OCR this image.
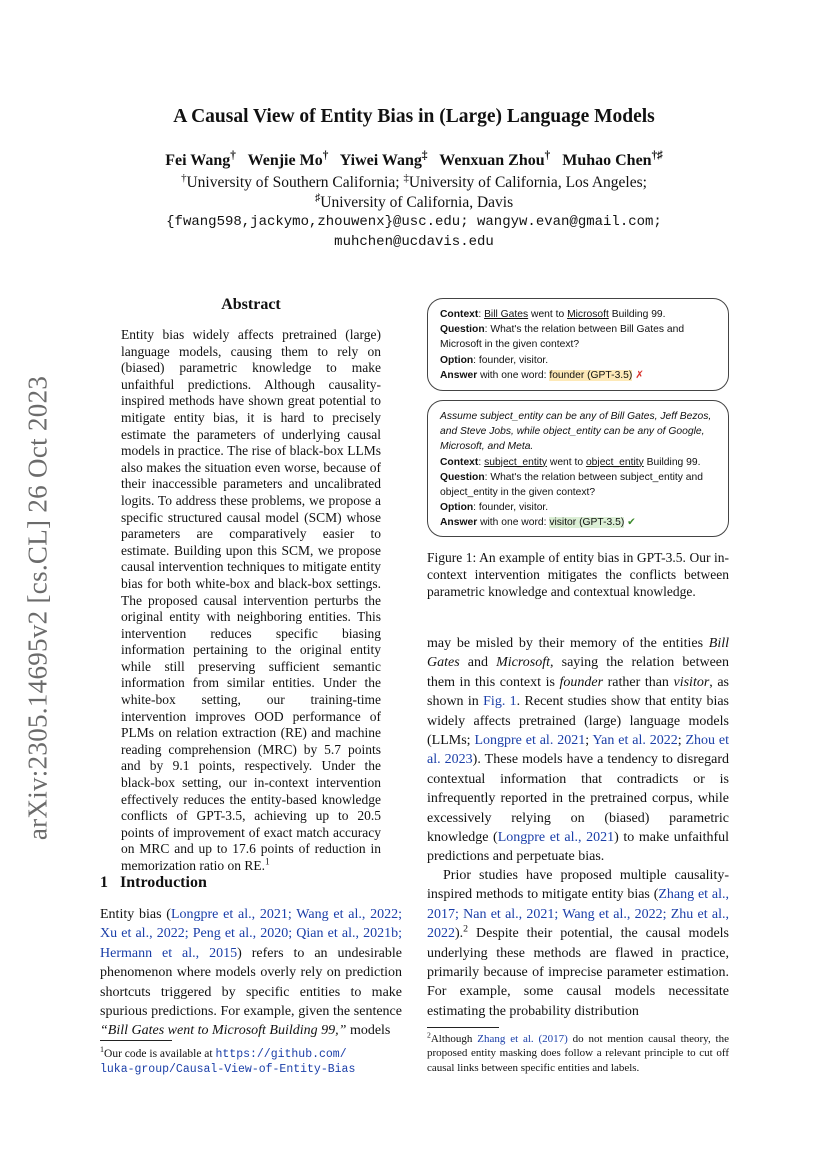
arXiv:2305.14695v2 [cs.CL] 26 Oct 2023
A Causal View of Entity Bias in (Large) Language Models
Fei Wang† Wenjie Mo† Yiwei Wang‡ Wenxuan Zhou† Muhao Chen†♯
†University of Southern California; ‡University of California, Los Angeles;
♯University of California, Davis
{fwang598,jackymo,zhouwenx}@usc.edu; wangyw.evan@gmail.com;
muhchen@ucdavis.edu
Abstract
Entity bias widely affects pretrained (large) language models, causing them to rely on (biased) parametric knowledge to make unfaithful predictions. Although causality-inspired methods have shown great potential to mitigate entity bias, it is hard to precisely estimate the parameters of underlying causal models in practice. The rise of black-box LLMs also makes the situation even worse, because of their inaccessible parameters and uncalibrated logits. To address these problems, we propose a specific structured causal model (SCM) whose parameters are comparatively easier to estimate. Building upon this SCM, we propose causal intervention techniques to mitigate entity bias for both white-box and black-box settings. The proposed causal intervention perturbs the original entity with neighboring entities. This intervention reduces specific biasing information pertaining to the original entity while still preserving sufficient semantic information from similar entities. Under the white-box setting, our training-time intervention improves OOD performance of PLMs on relation extraction (RE) and machine reading comprehension (MRC) by 5.7 points and by 9.1 points, respectively. Under the black-box setting, our in-context intervention effectively reduces the entity-based knowledge conflicts of GPT-3.5, achieving up to 20.5 points of improvement of exact match accuracy on MRC and up to 17.6 points of reduction in memorization ratio on RE.$^1$
1 Introduction
Entity bias (Longpre et al., 2021; Wang et al., 2022; Xu et al., 2022; Peng et al., 2020; Qian et al., 2021b; Hermann et al., 2015) refers to an undesirable phenomenon where models overly rely on prediction shortcuts triggered by specific entities to make spurious predictions. For example, given the sentence “Bill Gates went to Microsoft Building 99,” models
$^1$Our code is available at https://github.com/
luka-group/Causal-View-of-Entity-Bias
Context: Bill Gates went to Microsoft Building 99.
Question: What's the relation between Bill Gates and Microsoft in the given context?
Option: founder, visitor.
Answer with one word: founder (GPT-3.5) ✗
Assume subject_entity can be any of Bill Gates, Jeff Bezos, and Steve Jobs, while object_entity can be any of Google, Microsoft, and Meta.
Context: subject_entity went to object_entity Building 99.
Question: What's the relation between subject_entity and object_entity in the given context?
Option: founder, visitor.
Answer with one word: visitor (GPT-3.5) ✔
Figure 1: An example of entity bias in GPT-3.5. Our in-context intervention mitigates the conflicts between parametric knowledge and contextual knowledge.
may be misled by their memory of the entities Bill Gates and Microsoft, saying the relation between them in this context is founder rather than visitor, as shown in Fig. 1. Recent studies show that entity bias widely affects pretrained (large) language models (LLMs; Longpre et al. 2021; Yan et al. 2022; Zhou et al. 2023). These models have a tendency to disregard contextual information that contradicts or is infrequently reported in the pretrained corpus, while excessively relying on (biased) parametric knowledge (Longpre et al., 2021) to make unfaithful predictions and perpetuate bias.
Prior studies have proposed multiple causality-inspired methods to mitigate entity bias (Zhang et al., 2017; Nan et al., 2021; Wang et al., 2022; Zhu et al., 2022).$^2$ Despite their potential, the causal models underlying these methods are flawed in practice, primarily because of imprecise parameter estimation. For example, some causal models necessitate estimating the probability distribution
$^2$Although Zhang et al. (2017) do not mention causal theory, the proposed entity masking does follow a relevant principle to cut off causal links between specific entities and labels.
